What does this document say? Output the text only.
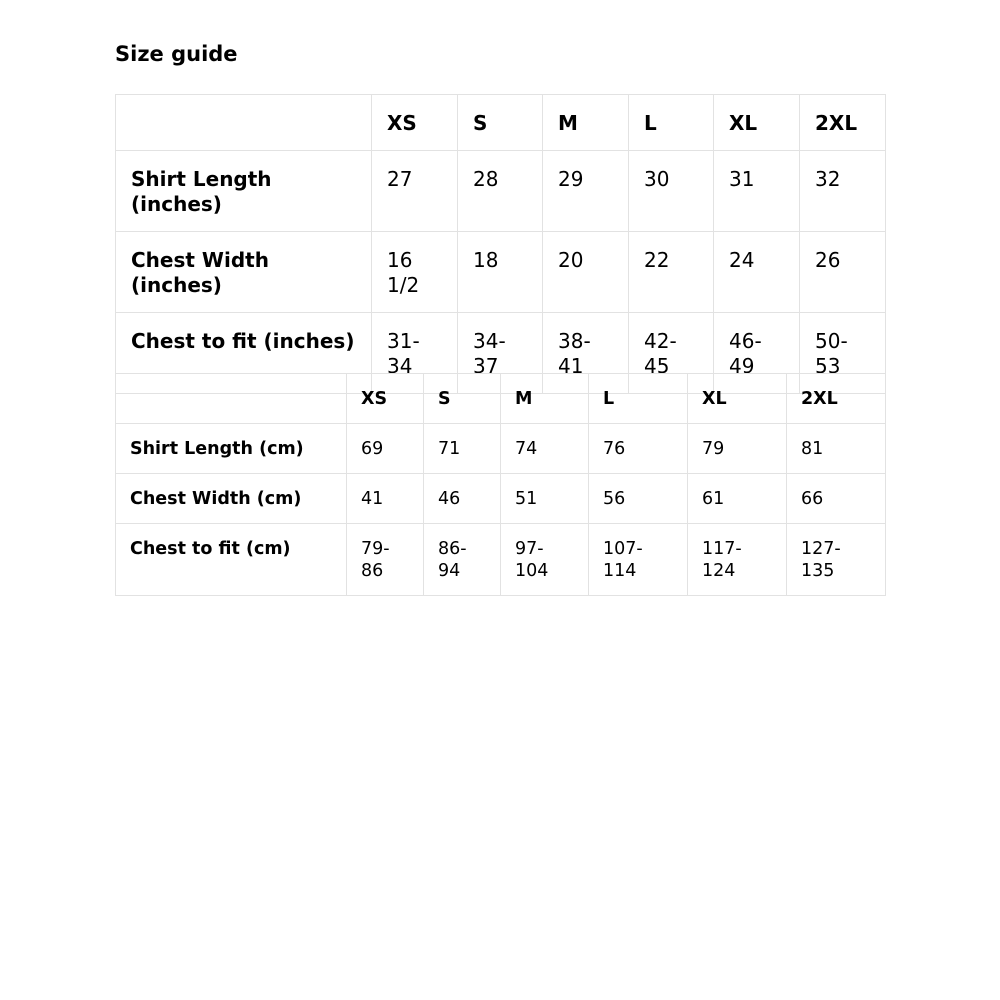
Size guide
	XS	S	M	L	XL	2XL
Shirt Length (inches)	27	28	29	30	31	32
Chest Width (inches)	16 1/2	18	20	22	24	26
Chest to fit (inches)	31-34	34-37	38-41	42-45	46-49	50-53
	XS	S	M	L	XL	2XL
Shirt Length (cm)	69	71	74	76	79	81
Chest Width (cm)	41	46	51	56	61	66
Chest to fit (cm)	79-86	86-94	97-104	107-114	117-124	127-135
